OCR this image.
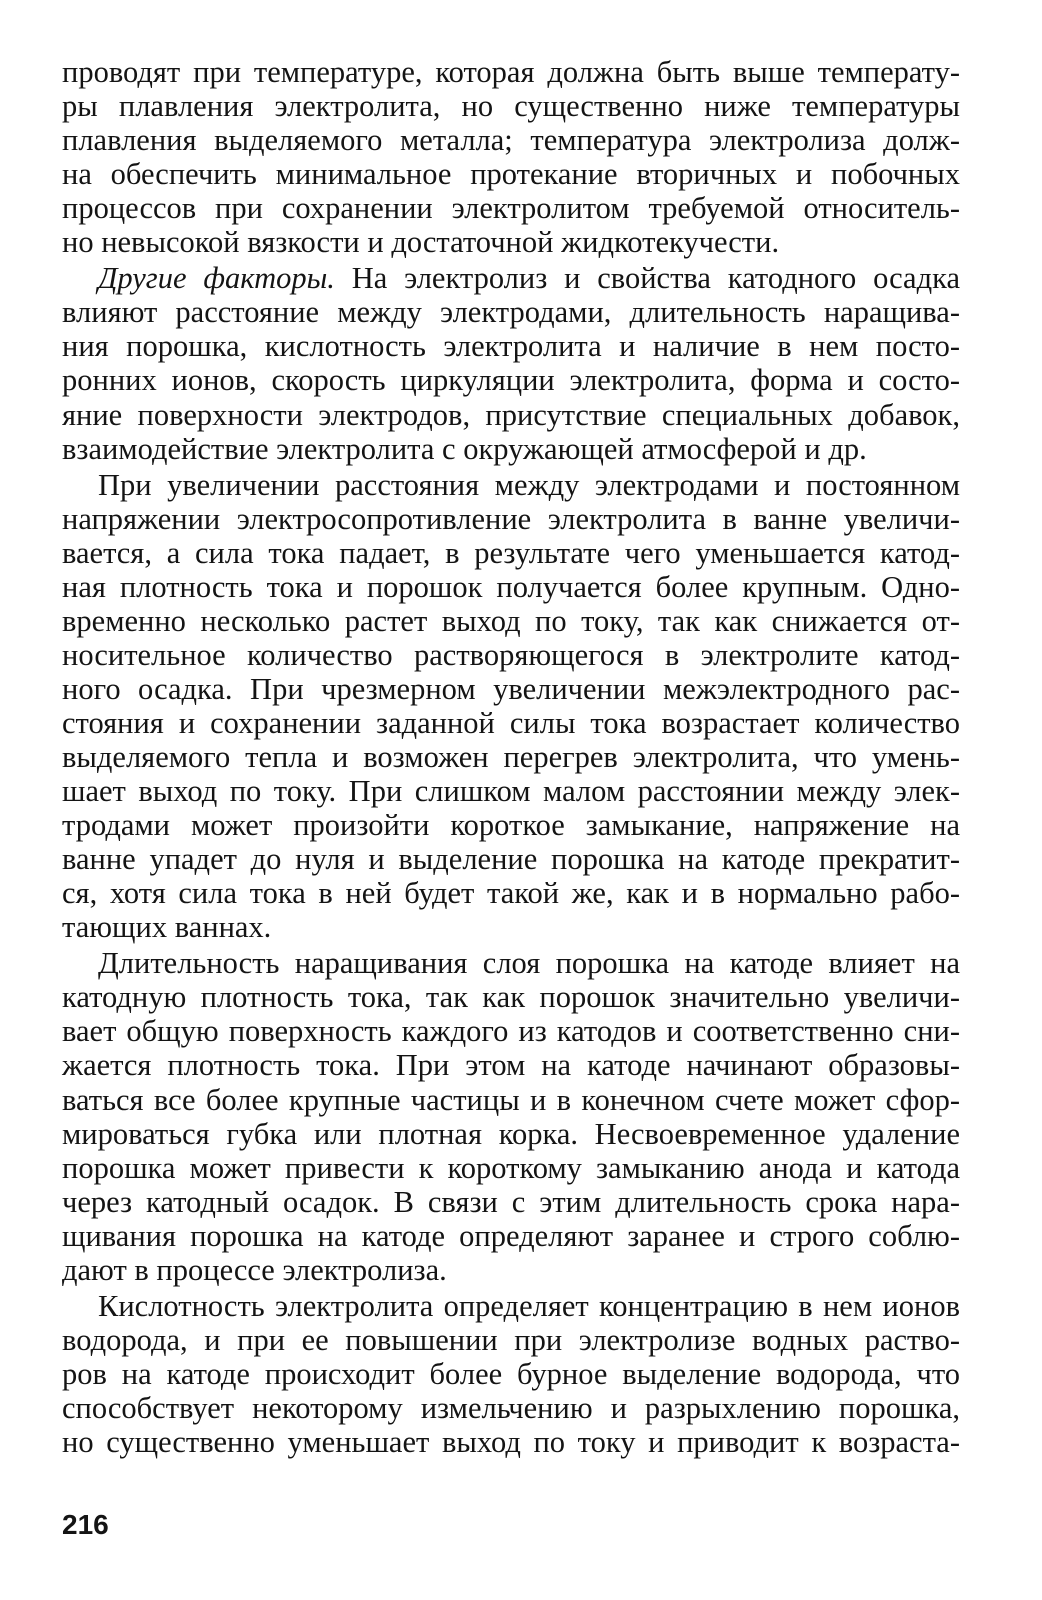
проводят при температуре, которая должна быть выше температу-
ры плавления электролита, но существенно ниже температуры
плавления выделяемого металла; температура электролиза долж-
на обеспечить минимальное протекание вторичных и побочных
процессов при сохранении электролитом требуемой относитель-
но невысокой вязкости и достаточной жидкотекучести.
Другие факторы. На электролиз и свойства катодного осадка
влияют расстояние между электродами, длительность наращива-
ния порошка, кислотность электролита и наличие в нем посто-
ронних ионов, скорость циркуляции электролита, форма и состо-
яние поверхности электродов, присутствие специальных добавок,
взаимодействие электролита с окружающей атмосферой и др.
При увеличении расстояния между электродами и постоянном
напряжении электросопротивление электролита в ванне увеличи-
вается, а сила тока падает, в результате чего уменьшается катод-
ная плотность тока и порошок получается более крупным. Одно-
временно несколько растет выход по току, так как снижается от-
носительное количество растворяющегося в электролите катод-
ного осадка. При чрезмерном увеличении межэлектродного рас-
стояния и сохранении заданной силы тока возрастает количество
выделяемого тепла и возможен перегрев электролита, что умень-
шает выход по току. При слишком малом расстоянии между элек-
тродами может произойти короткое замыкание, напряжение на
ванне упадет до нуля и выделение порошка на катоде прекратит-
ся, хотя сила тока в ней будет такой же, как и в нормально рабо-
тающих ваннах.
Длительность наращивания слоя порошка на катоде влияет на
катодную плотность тока, так как порошок значительно увеличи-
вает общую поверхность каждого из катодов и соответственно сни-
жается плотность тока. При этом на катоде начинают образовы-
ваться все более крупные частицы и в конечном счете может сфор-
мироваться губка или плотная корка. Несвоевременное удаление
порошка может привести к короткому замыканию анода и катода
через катодный осадок. В связи с этим длительность срока нара-
щивания порошка на катоде определяют заранее и строго соблю-
дают в процессе электролиза.
Кислотность электролита определяет концентрацию в нем ионов
водорода, и при ее повышении при электролизе водных раство-
ров на катоде происходит более бурное выделение водорода, что
способствует некоторому измельчению и разрыхлению порошка,
но существенно уменьшает выход по току и приводит к возраста-
216
